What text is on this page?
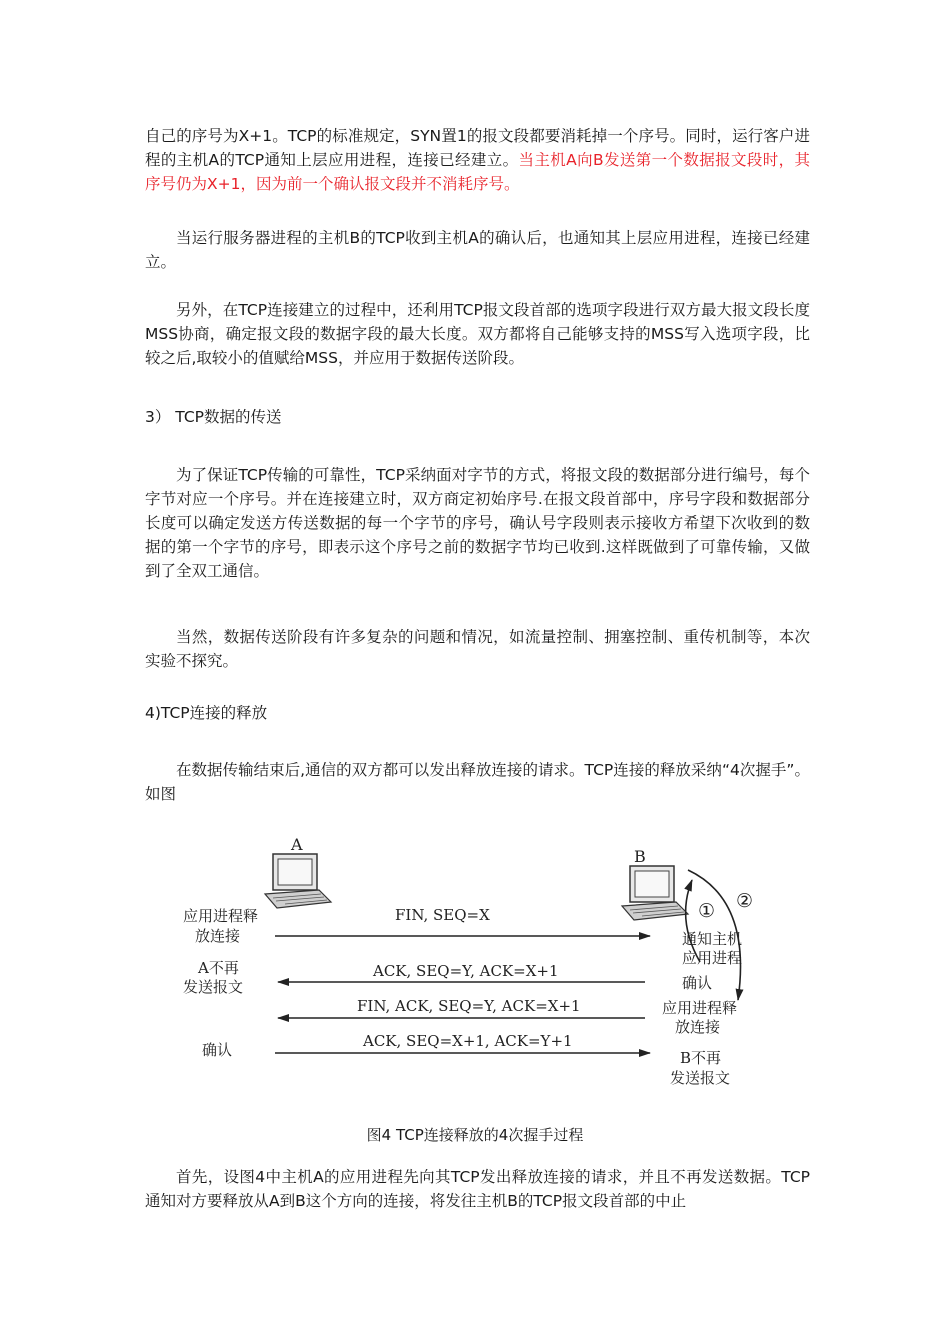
自己的序号为X+1。TCP的标准规定，SYN置1的报文段都要消耗掉一个序号。同时，运行客户进程的主机A的TCP通知上层应用进程，连接已经建立。当主机A向B发送第一个数据报文段时，其序号仍为X+1，因为前一个确认报文段并不消耗序号。

当运行服务器进程的主机B的TCP收到主机A的确认后，也通知其上层应用进程，连接已经建立。

另外，在TCP连接建立的过程中，还利用TCP报文段首部的选项字段进行双方最大报文段长度MSS协商，确定报文段的数据字段的最大长度。双方都将自己能够支持的MSS写入选项字段，比较之后,取较小的值赋给MSS，并应用于数据传送阶段。

3） TCP数据的传送

为了保证TCP传输的可靠性，TCP采纳面对字节的方式，将报文段的数据部分进行编号，每个字节对应一个序号。并在连接建立时，双方商定初始序号.在报文段首部中，序号字段和数据部分长度可以确定发送方传送数据的每一个字节的序号，确认号字段则表示接收方希望下次收到的数据的第一个字节的序号，即表示这个序号之前的数据字节均已收到.这样既做到了可靠传输，又做到了全双工通信。

当然，数据传送阶段有许多复杂的问题和情况，如流量控制、拥塞控制、重传机制等，本次实验不探究。

4)TCP连接的释放

在数据传输结束后,通信的双方都可以发出释放连接的请求。TCP连接的释放采纳“4次握手”。如图

A
B
① ②
应用进程释
放连接
A不再
发送报文
确认
通知主机
应用进程
确认
应用进程释
放连接
B不再
发送报文
FIN, SEQ=X
ACK, SEQ=Y, ACK=X+1
FIN, ACK, SEQ=Y, ACK=X+1
ACK, SEQ=X+1, ACK=Y+1
图4 TCP连接释放的4次握手过程

首先，设图4中主机A的应用进程先向其TCP发出释放连接的请求，并且不再发送数据。TCP通知对方要释放从A到B这个方向的连接，将发往主机B的TCP报文段首部的中止
